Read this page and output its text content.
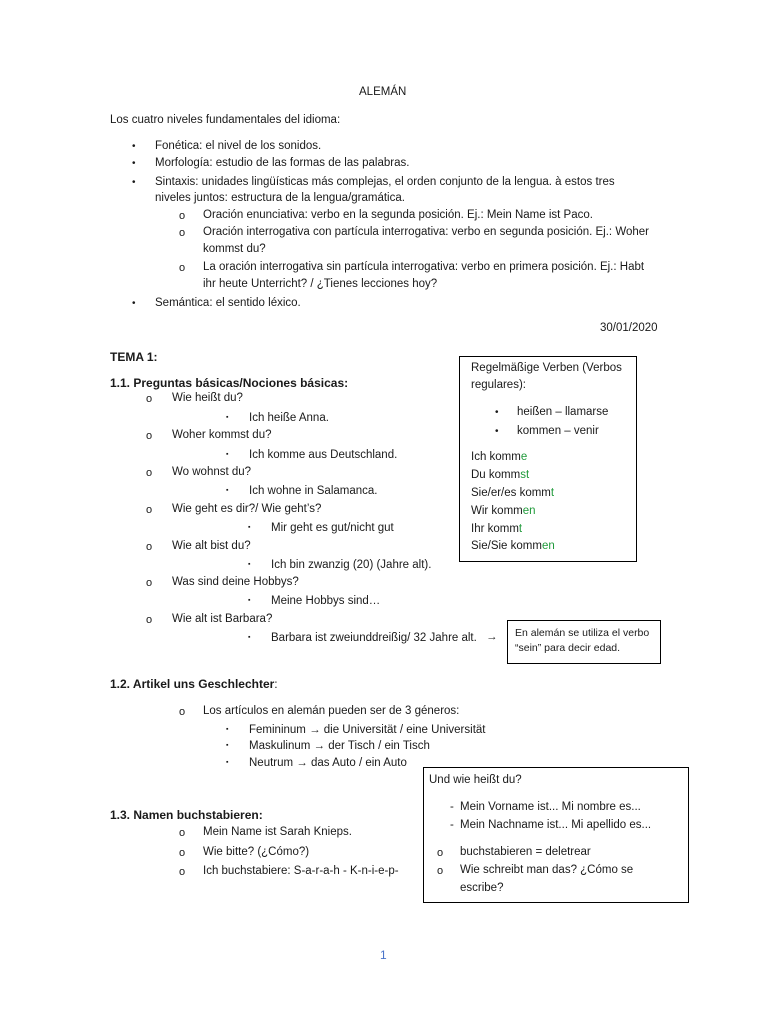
ALEMÁN
Los cuatro niveles fundamentales del idioma:
• Fonética: el nivel de los sonidos.
• Morfología: estudio de las formas de las palabras.
• Sintaxis: unidades lingüísticas más complejas, el orden conjunto de la lengua. à estos tres
niveles juntos: estructura de la lengua/gramática.
o Oración enunciativa: verbo en la segunda posición. Ej.: Mein Name ist Paco.
o Oración interrogativa con partícula interrogativa: verbo en segunda posición. Ej.: Woher
kommst du?
o La oración interrogativa sin partícula interrogativa: verbo en primera posición. Ej.: Habt
ihr heute Unterricht? / ¿Tienes lecciones hoy?
• Semántica: el sentido léxico.
30/01/2020
TEMA 1:
1.1. Preguntas básicas/Nociones básicas:
o Wie heißt du?
▪ Ich heiße Anna.
o Woher kommst du?
▪ Ich komme aus Deutschland.
o Wo wohnst du?
▪ Ich wohne in Salamanca.
o Wie geht es dir?/ Wie geht’s?
▪ Mir geht es gut/nicht gut
o Wie alt bist du?
▪ Ich bin zwanzig (20) (Jahre alt).
o Was sind deine Hobbys?
▪ Meine Hobbys sind…
o Wie alt ist Barbara?
▪ Barbara ist zweiunddreißig/ 32 Jahre alt. →
Regelmäßige Verben (Verbos
regulares):
• heißen – llamarse
• kommen – venir
Ich komme
Du kommst
Sie/er/es kommt
Wir kommen
Ihr kommt
Sie/Sie kommen
En alemán se utiliza el verbo
“sein” para decir edad.
1.2. Artikel uns Geschlechter:
o Los artículos en alemán pueden ser de 3 géneros:
▪ Femininum → die Universität / eine Universität
▪ Maskulinum → der Tisch / ein Tisch
▪ Neutrum → das Auto / ein Auto
Und wie heißt du?
- Mein Vorname ist... Mi nombre es...
- Mein Nachname ist... Mi apellido es...
o buchstabieren = deletrear
o Wie schreibt man das? ¿Cómo se
escribe?
1.3. Namen buchstabieren:
o Mein Name ist Sarah Knieps.
o Wie bitte? (¿Cómo?)
o Ich buchstabiere: S-a-r-a-h - K-n-i-e-p-
1
